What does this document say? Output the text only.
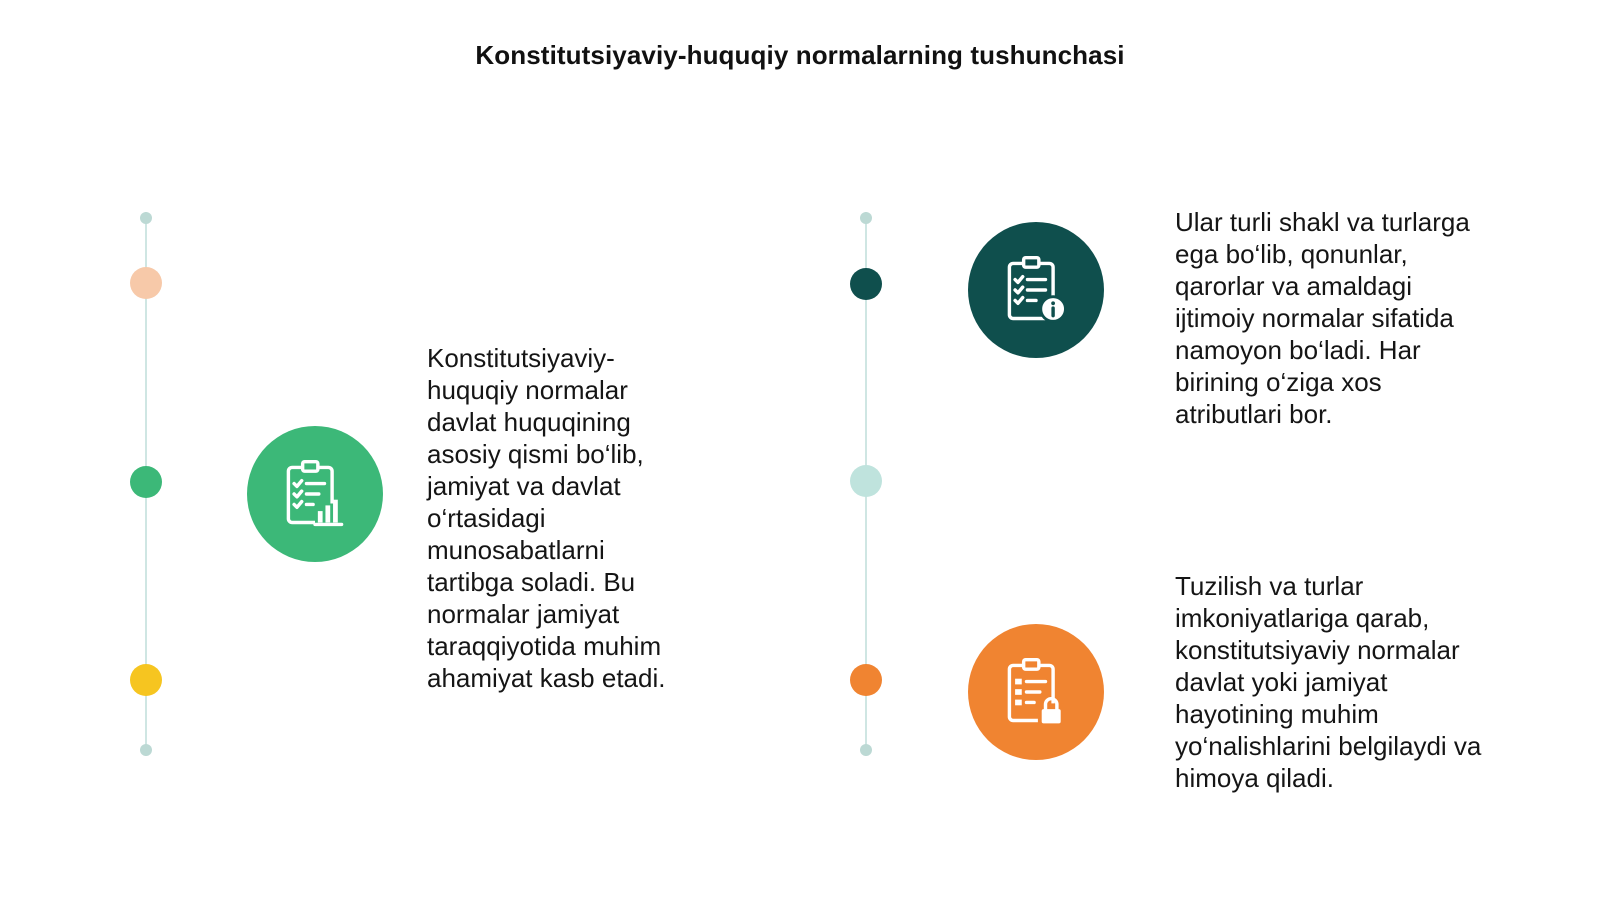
Konstitutsiyaviy-huquqiy normalarning tushunchasi
Konstitutsiyaviy-
huquqiy normalar
davlat huquqining
asosiy qismi bo‘lib,
jamiyat va davlat
o‘rtasidagi
munosabatlarni
tartibga soladi. Bu
normalar jamiyat
taraqqiyotida muhim
ahamiyat kasb etadi.
Ular turli shakl va turlarga
ega bo‘lib, qonunlar,
qarorlar va amaldagi
ijtimoiy normalar sifatida
namoyon bo‘ladi. Har
birining o‘ziga xos
atributlari bor.
Tuzilish va turlar
imkoniyatlariga qarab,
konstitutsiyaviy normalar
davlat yoki jamiyat
hayotining muhim
yo‘nalishlarini belgilaydi va
himoya qiladi.
